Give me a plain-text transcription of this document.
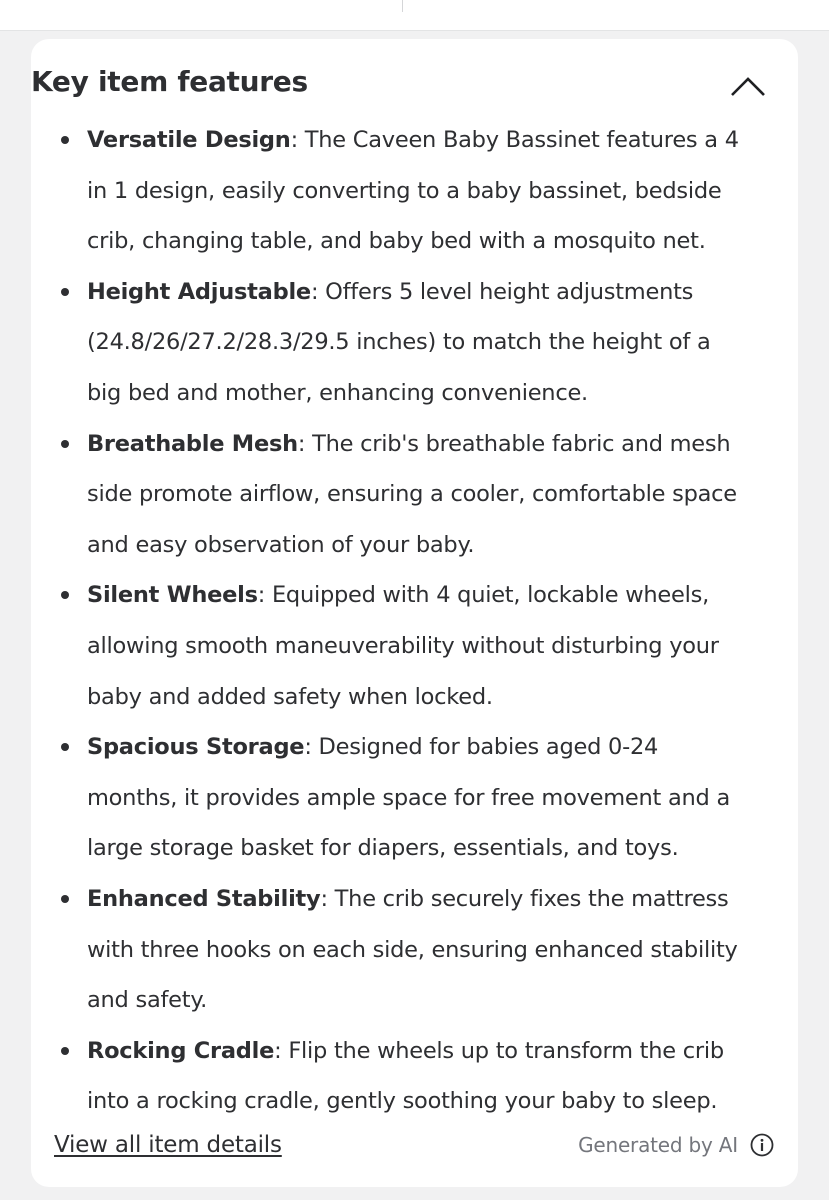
Key item features
Versatile Design: The Caveen Baby Bassinet features a 4 in 1 design, easily converting to a baby bassinet, bedside crib, changing table, and baby bed with a mosquito net.
Height Adjustable: Offers 5 level height adjustments (24.8/26/27.2/28.3/29.5 inches) to match the height of a big bed and mother, enhancing convenience.
Breathable Mesh: The crib's breathable fabric and mesh side promote airflow, ensuring a cooler, comfortable space and easy observation of your baby.
Silent Wheels: Equipped with 4 quiet, lockable wheels, allowing smooth maneuverability without disturbing your baby and added safety when locked.
Spacious Storage: Designed for babies aged 0-24 months, it provides ample space for free movement and a large storage basket for diapers, essentials, and toys.
Enhanced Stability: The crib securely fixes the mattress with three hooks on each side, ensuring enhanced stability and safety.
Rocking Cradle: Flip the wheels up to transform the crib into a rocking cradle, gently soothing your baby to sleep.
View all item details	Generated by AI
